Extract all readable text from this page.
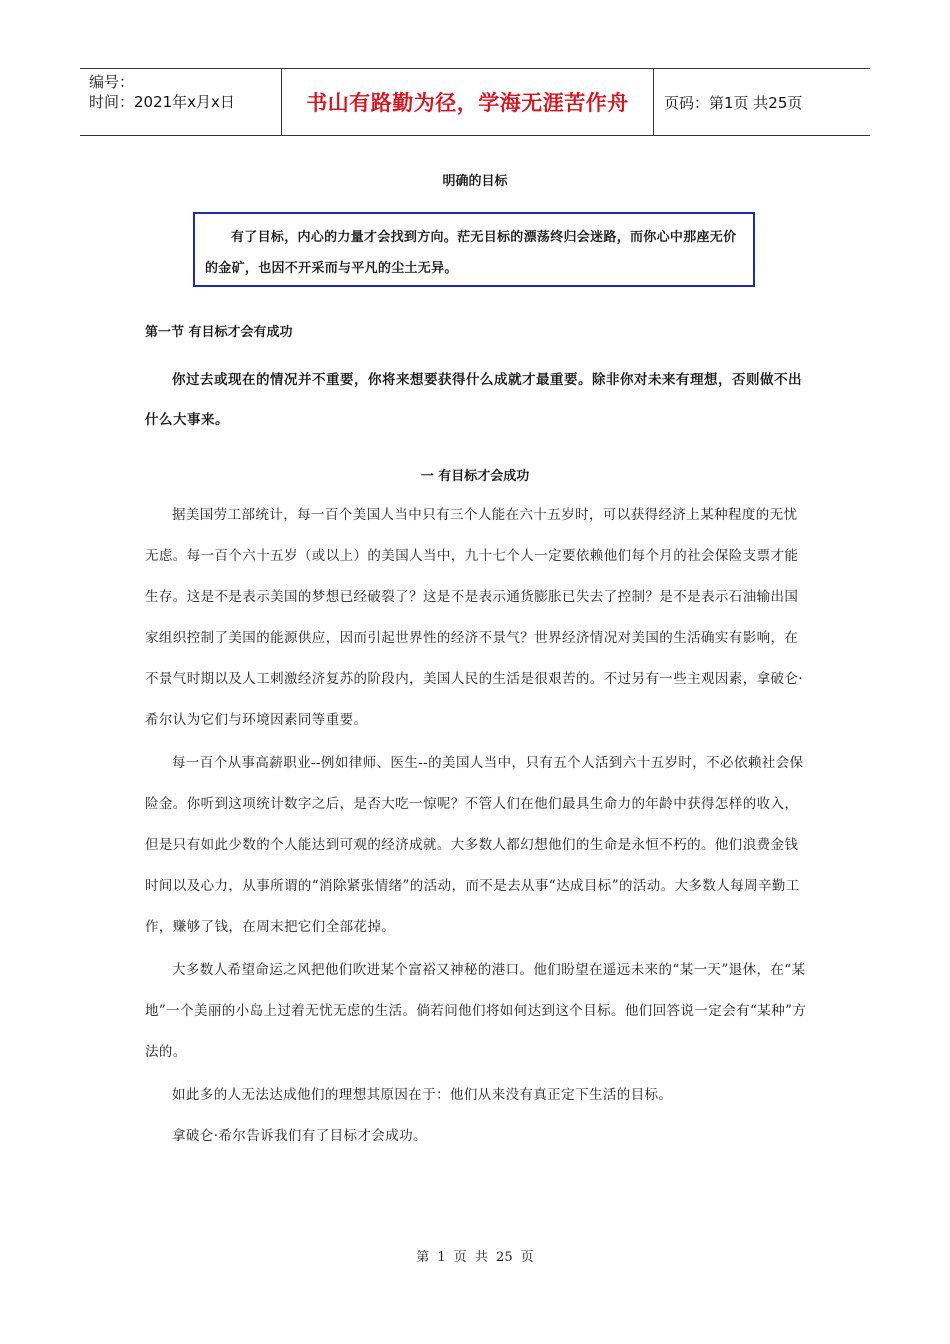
编号：
时间：2021年x月x日	书山有路勤为径，学海无涯苦作舟	页码：第1页 共25页
明确的目标
有了目标，内心的力量才会找到方向。茫无目标的漂荡终归会迷路，而你心中那座无价的金矿，也因不开采而与平凡的尘土无异。
第一节 有目标才会有成功
你过去或现在的情况并不重要，你将来想要获得什么成就才最重要。除非你对未来有理想，否则做不出什么大事来。
一 有目标才会成功

据美国劳工部统计，每一百个美国人当中只有三个人能在六十五岁时，可以获得经济上某种程度的无忧无虑。每一百个六十五岁（或以上）的美国人当中，九十七个人一定要依赖他们每个月的社会保险支票才能生存。这是不是表示美国的梦想已经破裂了？这是不是表示通货膨胀已失去了控制？是不是表示石油输出国家组织控制了美国的能源供应，因而引起世界性的经济不景气？世界经济情况对美国的生活确实有影响，在不景气时期以及人工刺激经济复苏的阶段内，美国人民的生活是很艰苦的。不过另有一些主观因素，拿破仑·希尔认为它们与环境因素同等重要。

每一百个从事高薪职业--例如律师、医生--的美国人当中，只有五个人活到六十五岁时，不必依赖社会保险金。你听到这项统计数字之后，是否大吃一惊呢？不管人们在他们最具生命力的年龄中获得怎样的收入，但是只有如此少数的个人能达到可观的经济成就。大多数人都幻想他们的生命是永恒不朽的。他们浪费金钱时间以及心力，从事所谓的“消除紧张情绪”的活动，而不是去从事“达成目标”的活动。大多数人每周辛勤工作，赚够了钱，在周末把它们全部花掉。

大多数人希望命运之风把他们吹进某个富裕又神秘的港口。他们盼望在遥远未来的“某一天”退休，在“某地”一个美丽的小岛上过着无忧无虑的生活。倘若问他们将如何达到这个目标。他们回答说一定会有“某种”方法的。

如此多的人无法达成他们的理想其原因在于：他们从来没有真正定下生活的目标。

拿破仑·希尔告诉我们有了目标才会成功。

第 1 页 共 25 页
